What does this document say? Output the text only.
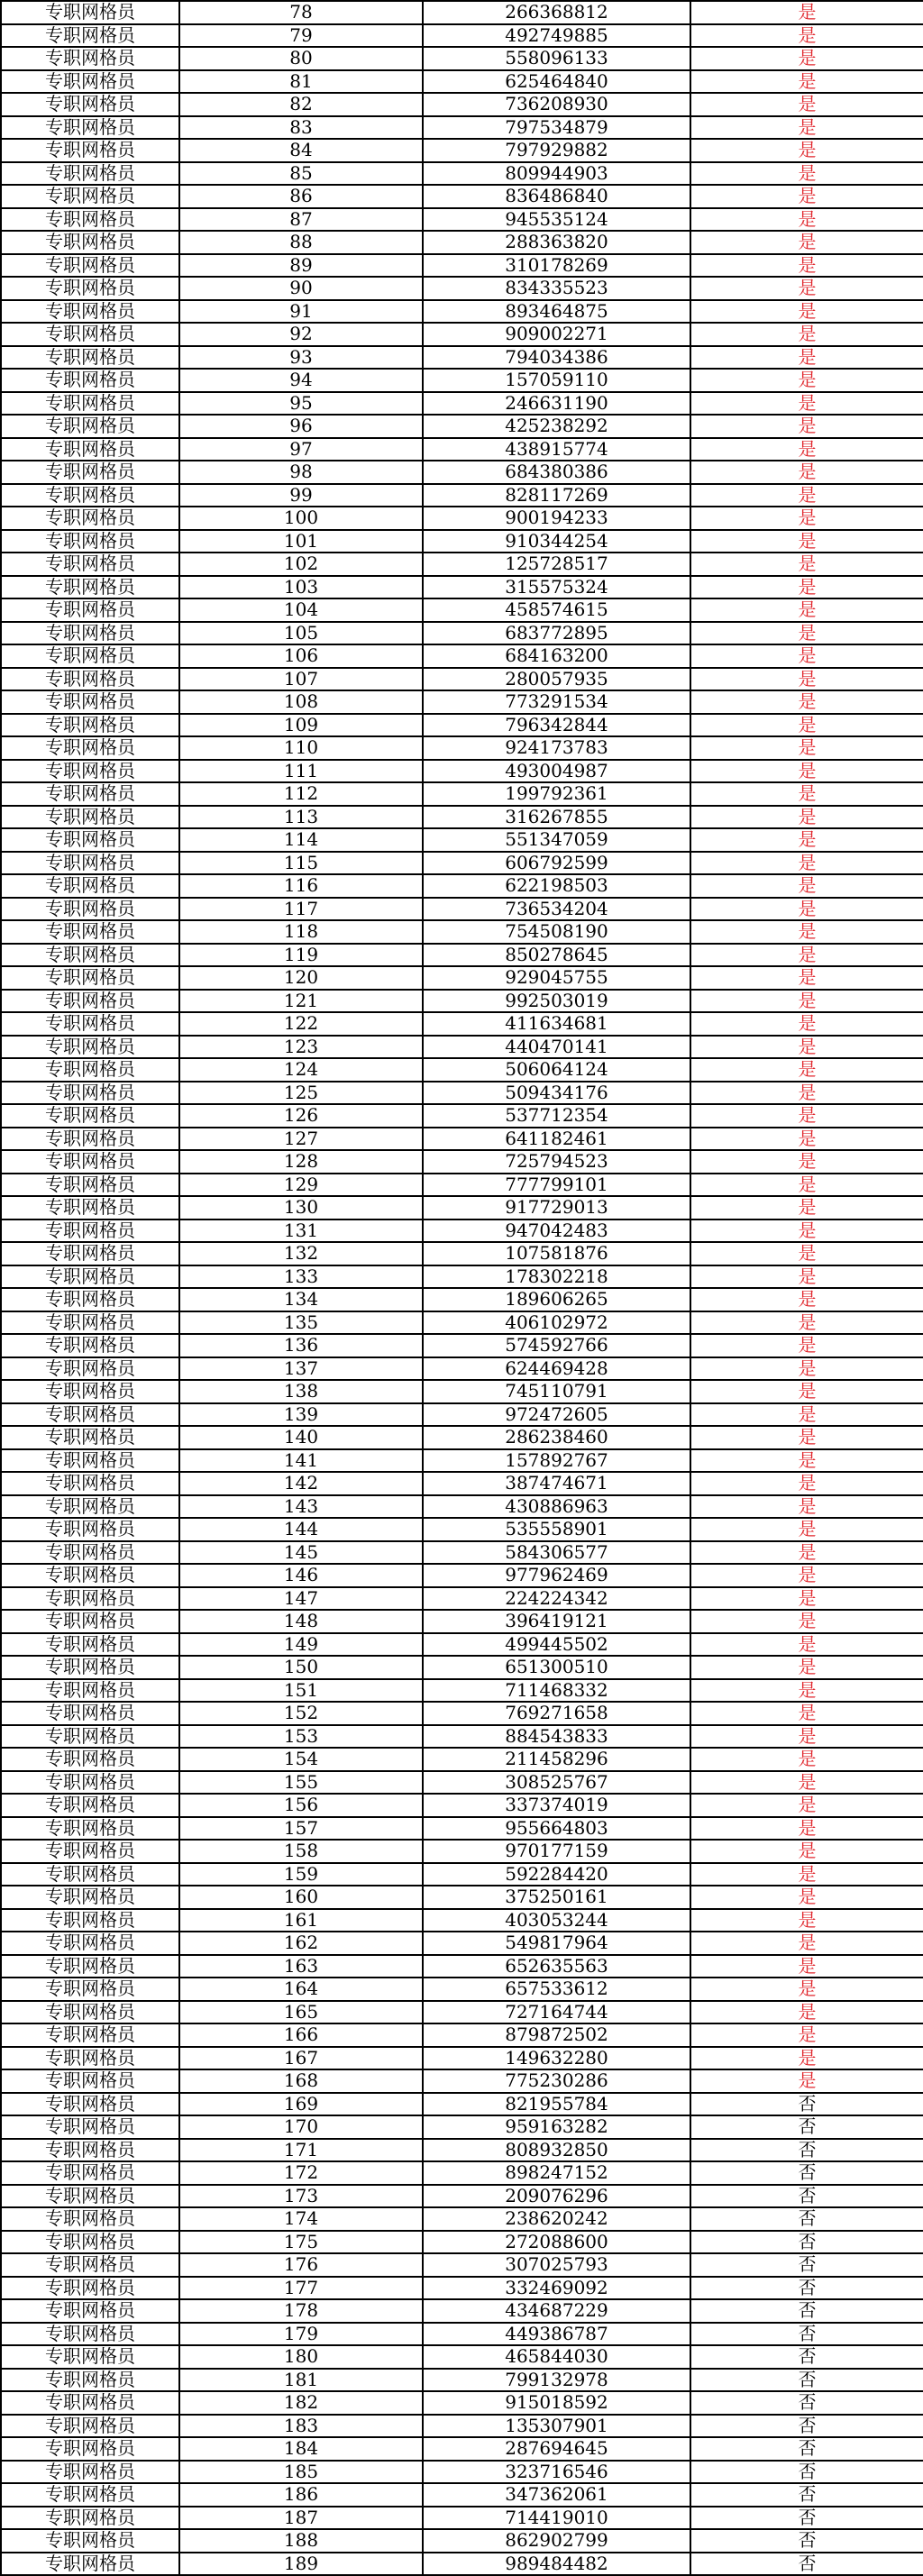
专职网格员	78	266368812	是
专职网格员	79	492749885	是
专职网格员	80	558096133	是
专职网格员	81	625464840	是
专职网格员	82	736208930	是
专职网格员	83	797534879	是
专职网格员	84	797929882	是
专职网格员	85	809944903	是
专职网格员	86	836486840	是
专职网格员	87	945535124	是
专职网格员	88	288363820	是
专职网格员	89	310178269	是
专职网格员	90	834335523	是
专职网格员	91	893464875	是
专职网格员	92	909002271	是
专职网格员	93	794034386	是
专职网格员	94	157059110	是
专职网格员	95	246631190	是
专职网格员	96	425238292	是
专职网格员	97	438915774	是
专职网格员	98	684380386	是
专职网格员	99	828117269	是
专职网格员	100	900194233	是
专职网格员	101	910344254	是
专职网格员	102	125728517	是
专职网格员	103	315575324	是
专职网格员	104	458574615	是
专职网格员	105	683772895	是
专职网格员	106	684163200	是
专职网格员	107	280057935	是
专职网格员	108	773291534	是
专职网格员	109	796342844	是
专职网格员	110	924173783	是
专职网格员	111	493004987	是
专职网格员	112	199792361	是
专职网格员	113	316267855	是
专职网格员	114	551347059	是
专职网格员	115	606792599	是
专职网格员	116	622198503	是
专职网格员	117	736534204	是
专职网格员	118	754508190	是
专职网格员	119	850278645	是
专职网格员	120	929045755	是
专职网格员	121	992503019	是
专职网格员	122	411634681	是
专职网格员	123	440470141	是
专职网格员	124	506064124	是
专职网格员	125	509434176	是
专职网格员	126	537712354	是
专职网格员	127	641182461	是
专职网格员	128	725794523	是
专职网格员	129	777799101	是
专职网格员	130	917729013	是
专职网格员	131	947042483	是
专职网格员	132	107581876	是
专职网格员	133	178302218	是
专职网格员	134	189606265	是
专职网格员	135	406102972	是
专职网格员	136	574592766	是
专职网格员	137	624469428	是
专职网格员	138	745110791	是
专职网格员	139	972472605	是
专职网格员	140	286238460	是
专职网格员	141	157892767	是
专职网格员	142	387474671	是
专职网格员	143	430886963	是
专职网格员	144	535558901	是
专职网格员	145	584306577	是
专职网格员	146	977962469	是
专职网格员	147	224224342	是
专职网格员	148	396419121	是
专职网格员	149	499445502	是
专职网格员	150	651300510	是
专职网格员	151	711468332	是
专职网格员	152	769271658	是
专职网格员	153	884543833	是
专职网格员	154	211458296	是
专职网格员	155	308525767	是
专职网格员	156	337374019	是
专职网格员	157	955664803	是
专职网格员	158	970177159	是
专职网格员	159	592284420	是
专职网格员	160	375250161	是
专职网格员	161	403053244	是
专职网格员	162	549817964	是
专职网格员	163	652635563	是
专职网格员	164	657533612	是
专职网格员	165	727164744	是
专职网格员	166	879872502	是
专职网格员	167	149632280	是
专职网格员	168	775230286	是
专职网格员	169	821955784	否
专职网格员	170	959163282	否
专职网格员	171	808932850	否
专职网格员	172	898247152	否
专职网格员	173	209076296	否
专职网格员	174	238620242	否
专职网格员	175	272088600	否
专职网格员	176	307025793	否
专职网格员	177	332469092	否
专职网格员	178	434687229	否
专职网格员	179	449386787	否
专职网格员	180	465844030	否
专职网格员	181	799132978	否
专职网格员	182	915018592	否
专职网格员	183	135307901	否
专职网格员	184	287694645	否
专职网格员	185	323716546	否
专职网格员	186	347362061	否
专职网格员	187	714419010	否
专职网格员	188	862902799	否
专职网格员	189	989484482	否
